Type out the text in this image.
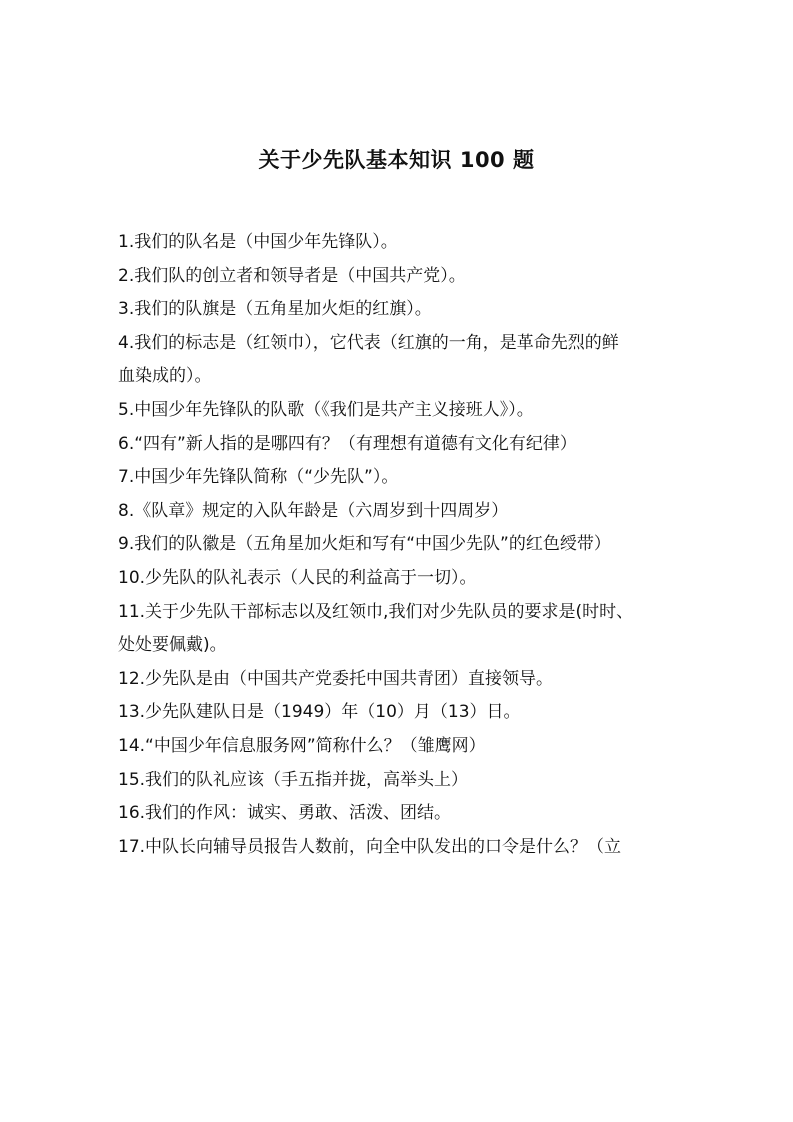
关于少先队基本知识 100 题
1.我们的队名是（中国少年先锋队）。
2.我们队的创立者和领导者是（中国共产党）。
3.我们的队旗是（五角星加火炬的红旗）。
4.我们的标志是（红领巾），它代表（红旗的一角，是革命先烈的鲜
血染成的）。
5.中国少年先锋队的队歌（《我们是共产主义接班人》）。
6.“四有”新人指的是哪四有？（有理想有道德有文化有纪律）
7.中国少年先锋队简称（“少先队”）。
8.《队章》规定的入队年龄是（六周岁到十四周岁）
9.我们的队徽是（五角星加火炬和写有“中国少先队”的红色绶带）
10.少先队的队礼表示（人民的利益高于一切）。
11.关于少先队干部标志以及红领巾,我们对少先队员的要求是(时时、
处处要佩戴)。
12.少先队是由（中国共产党委托中国共青团）直接领导。
13.少先队建队日是（1949）年（10）月（13）日。
14.“中国少年信息服务网”简称什么？（雏鹰网）
15.我们的队礼应该（手五指并拢，高举头上）
16.我们的作风：诚实、勇敢、活泼、团结。
17.中队长向辅导员报告人数前，向全中队发出的口令是什么？（立
